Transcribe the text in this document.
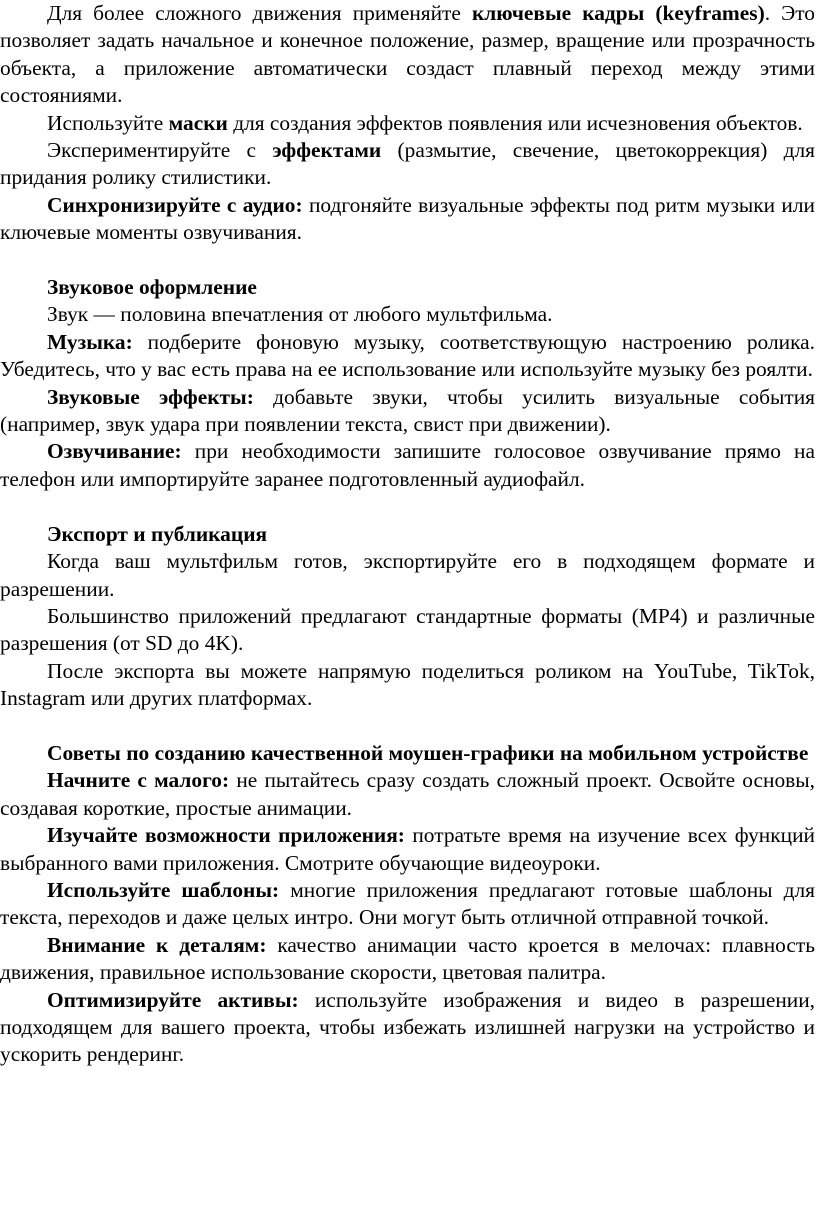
Для более сложного движения применяйте ключевые кадры (keyframes). Это позволяет задать начальное и конечное положение, размер, вращение или прозрачность объекта, а приложение автоматически создаст плавный переход между этими состояниями.

Используйте маски для создания эффектов появления или исчезновения объектов.

Экспериментируйте с эффектами (размытие, свечение, цветокоррекция) для придания ролику стилистики.

Синхронизируйте с аудио: подгоняйте визуальные эффекты под ритм музыки или ключевые моменты озвучивания.

Звуковое оформление

Звук — половина впечатления от любого мультфильма.

Музыка: подберите фоновую музыку, соответствующую настроению ролика. Убедитесь, что у вас есть права на ее использование или используйте музыку без роялти.

Звуковые эффекты: добавьте звуки, чтобы усилить визуальные события (например, звук удара при появлении текста, свист при движении).

Озвучивание: при необходимости запишите голосовое озвучивание прямо на телефон или импортируйте заранее подготовленный аудиофайл.

Экспорт и публикация

Когда ваш мультфильм готов, экспортируйте его в подходящем формате и разрешении.

Большинство приложений предлагают стандартные форматы (MP4) и различные разрешения (от SD до 4K).

После экспорта вы можете напрямую поделиться роликом на YouTube, TikTok, Instagram или других платформах.

Советы по созданию качественной моушен-графики на мобильном устройстве

Начните с малого: не пытайтесь сразу создать сложный проект. Освойте основы, создавая короткие, простые анимации.

Изучайте возможности приложения: потратьте время на изучение всех функций выбранного вами приложения. Смотрите обучающие видеоуроки.

Используйте шаблоны: многие приложения предлагают готовые шаблоны для текста, переходов и даже целых интро. Они могут быть отличной отправной точкой.

Внимание к деталям: качество анимации часто кроется в мелочах: плавность движения, правильное использование скорости, цветовая палитра.

Оптимизируйте активы: используйте изображения и видео в разрешении, подходящем для вашего проекта, чтобы избежать излишней нагрузки на устройство и ускорить рендеринг.
